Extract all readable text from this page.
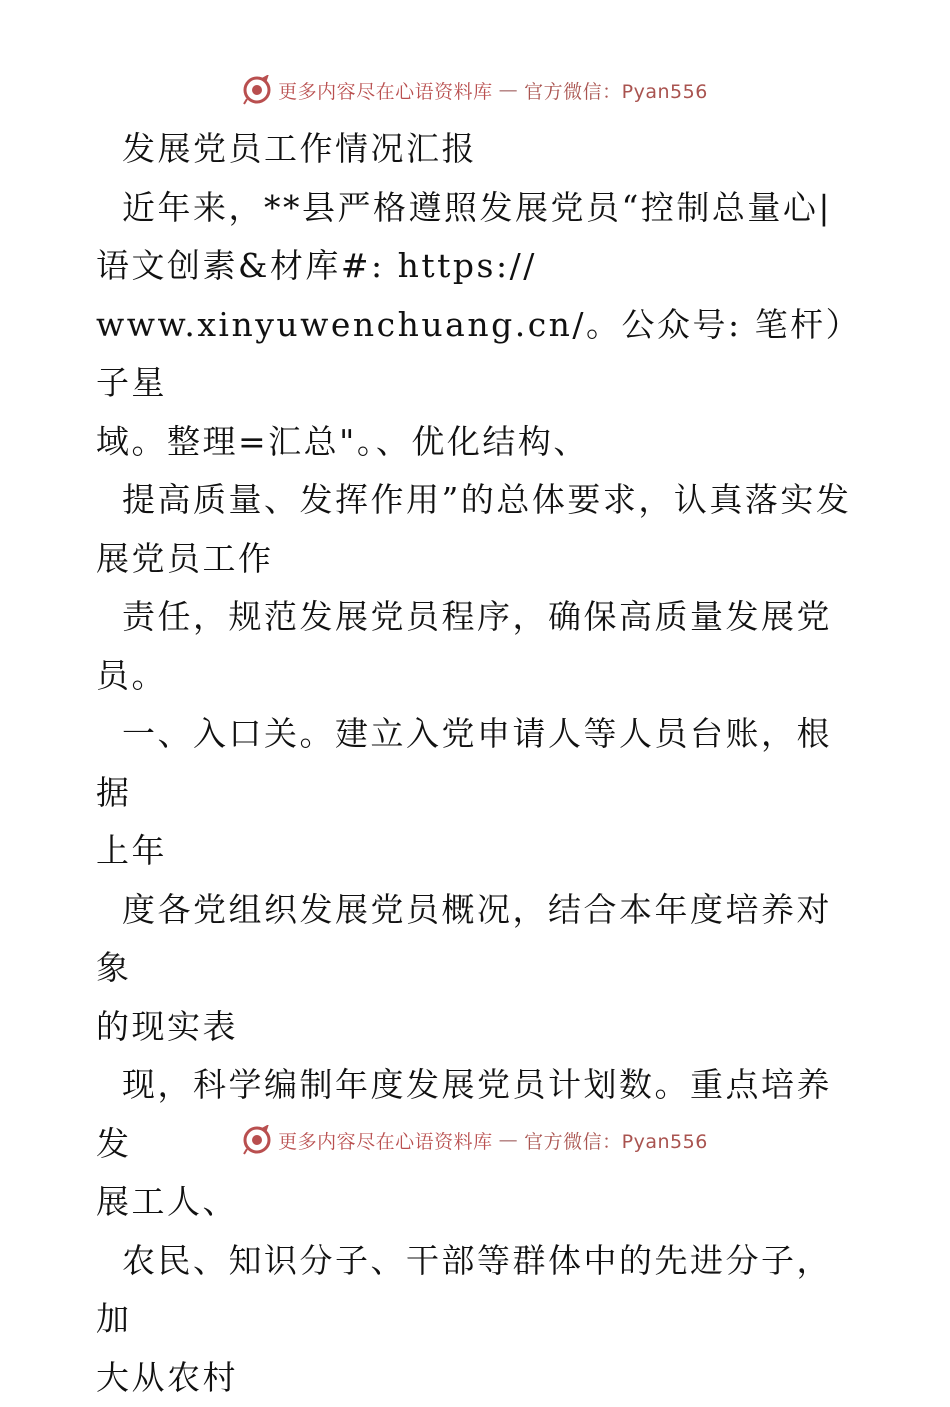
更多内容尽在心语资料库 — 官方微信：Pyan556

发展党员工作情况汇报

近年来，**县严格遵照发展党员“控制总量心|

语文创素&材库#: https://

www.xinyuwenchuang.cn/。公众号: 笔杆）子星

域。整理=汇总"。、优化结构、

提高质量、发挥作用”的总体要求，认真落实发

展党员工作

责任，规范发展党员程序，确保高质量发展党

员。

一、入口关。建立入党申请人等人员台账，根据

上年

度各党组织发展党员概况，结合本年度培养对象

的现实表

现，科学编制年度发展党员计划数。重点培养发

展工人、

农民、知识分子、干部等群体中的先进分子，加

大从农村

更多内容尽在心语资料库 — 官方微信：Pyan556
